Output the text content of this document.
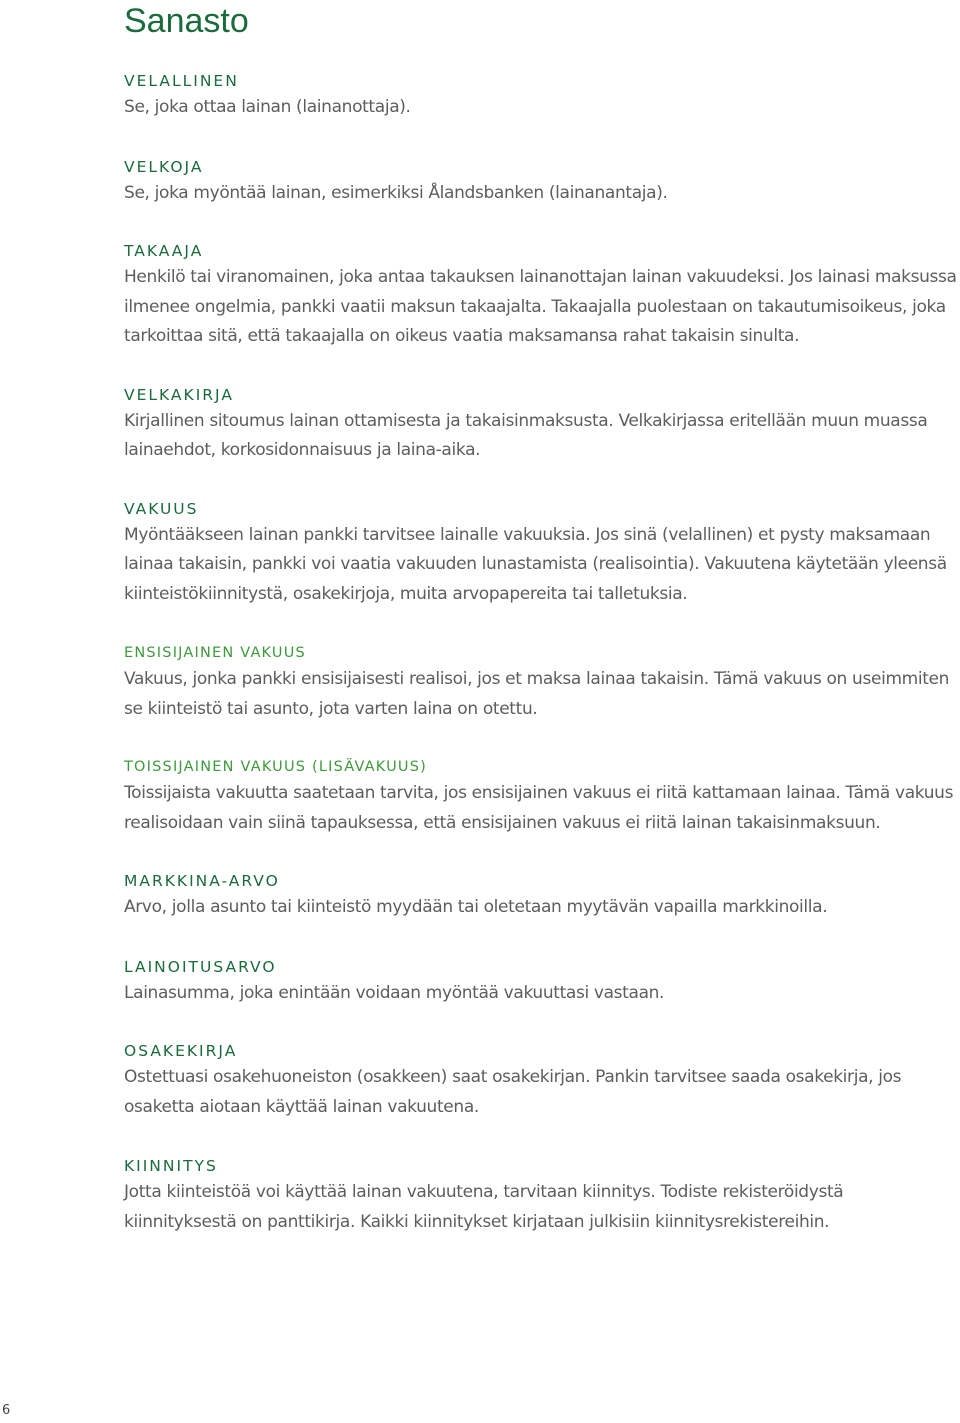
Sanasto
VELALLINEN

Se, joka ottaa lainan (lainanottaja).

VELKOJA

Se, joka myöntää lainan, esimerkiksi Ålandsbanken (lainanantaja).

TAKAAJA

Henkilö tai viranomainen, joka antaa takauksen lainanottajan lainan vakuudeksi. Jos lainasi maksussa ilmenee ongelmia, pankki vaatii maksun takaajalta. Takaajalla puolestaan on takautumisoikeus, joka tarkoittaa sitä, että takaajalla on oikeus vaatia maksamansa rahat takaisin sinulta.

VELKAKIRJA

Kirjallinen sitoumus lainan ottamisesta ja takaisinmaksusta. Velkakirjassa eritellään muun muassa lainaehdot, korkosidonnaisuus ja laina-aika.

VAKUUS

Myöntääkseen lainan pankki tarvitsee lainalle vakuuksia. Jos sinä (velallinen) et pysty maksamaan lainaa takaisin, pankki voi vaatia vakuuden lunastamista (realisointia). Vakuutena käytetään yleensä kiinteistökiinnitystä, osakekirjoja, muita arvopapereita tai talletuksia.

ENSISIJAINEN VAKUUS

Vakuus, jonka pankki ensisijaisesti realisoi, jos et maksa lainaa takaisin. Tämä vakuus on useimmiten se kiinteistö tai asunto, jota varten laina on otettu.

TOISSIJAINEN VAKUUS (LISÄVAKUUS)

Toissijaista vakuutta saatetaan tarvita, jos ensisijainen vakuus ei riitä kattamaan lainaa. Tämä vakuus realisoidaan vain siinä tapauksessa, että ensisijainen vakuus ei riitä lainan takaisinmaksuun.

MARKKINA-ARVO

Arvo, jolla asunto tai kiinteistö myydään tai oletetaan myytävän vapailla markkinoilla.

LAINOITUSARVO

Lainasumma, joka enintään voidaan myöntää vakuuttasi vastaan.

OSAKEKIRJA

Ostettuasi osakehuoneiston (osakkeen) saat osakekirjan. Pankin tarvitsee saada osakekirja, jos osaketta aiotaan käyttää lainan vakuutena.

KIINNITYS

Jotta kiinteistöä voi käyttää lainan vakuutena, tarvitaan kiinnitys. Todiste rekisteröidystä kiinnityksestä on panttikirja. Kaikki kiinnitykset kirjataan julkisiin kiinnitysrekistereihin.

6
